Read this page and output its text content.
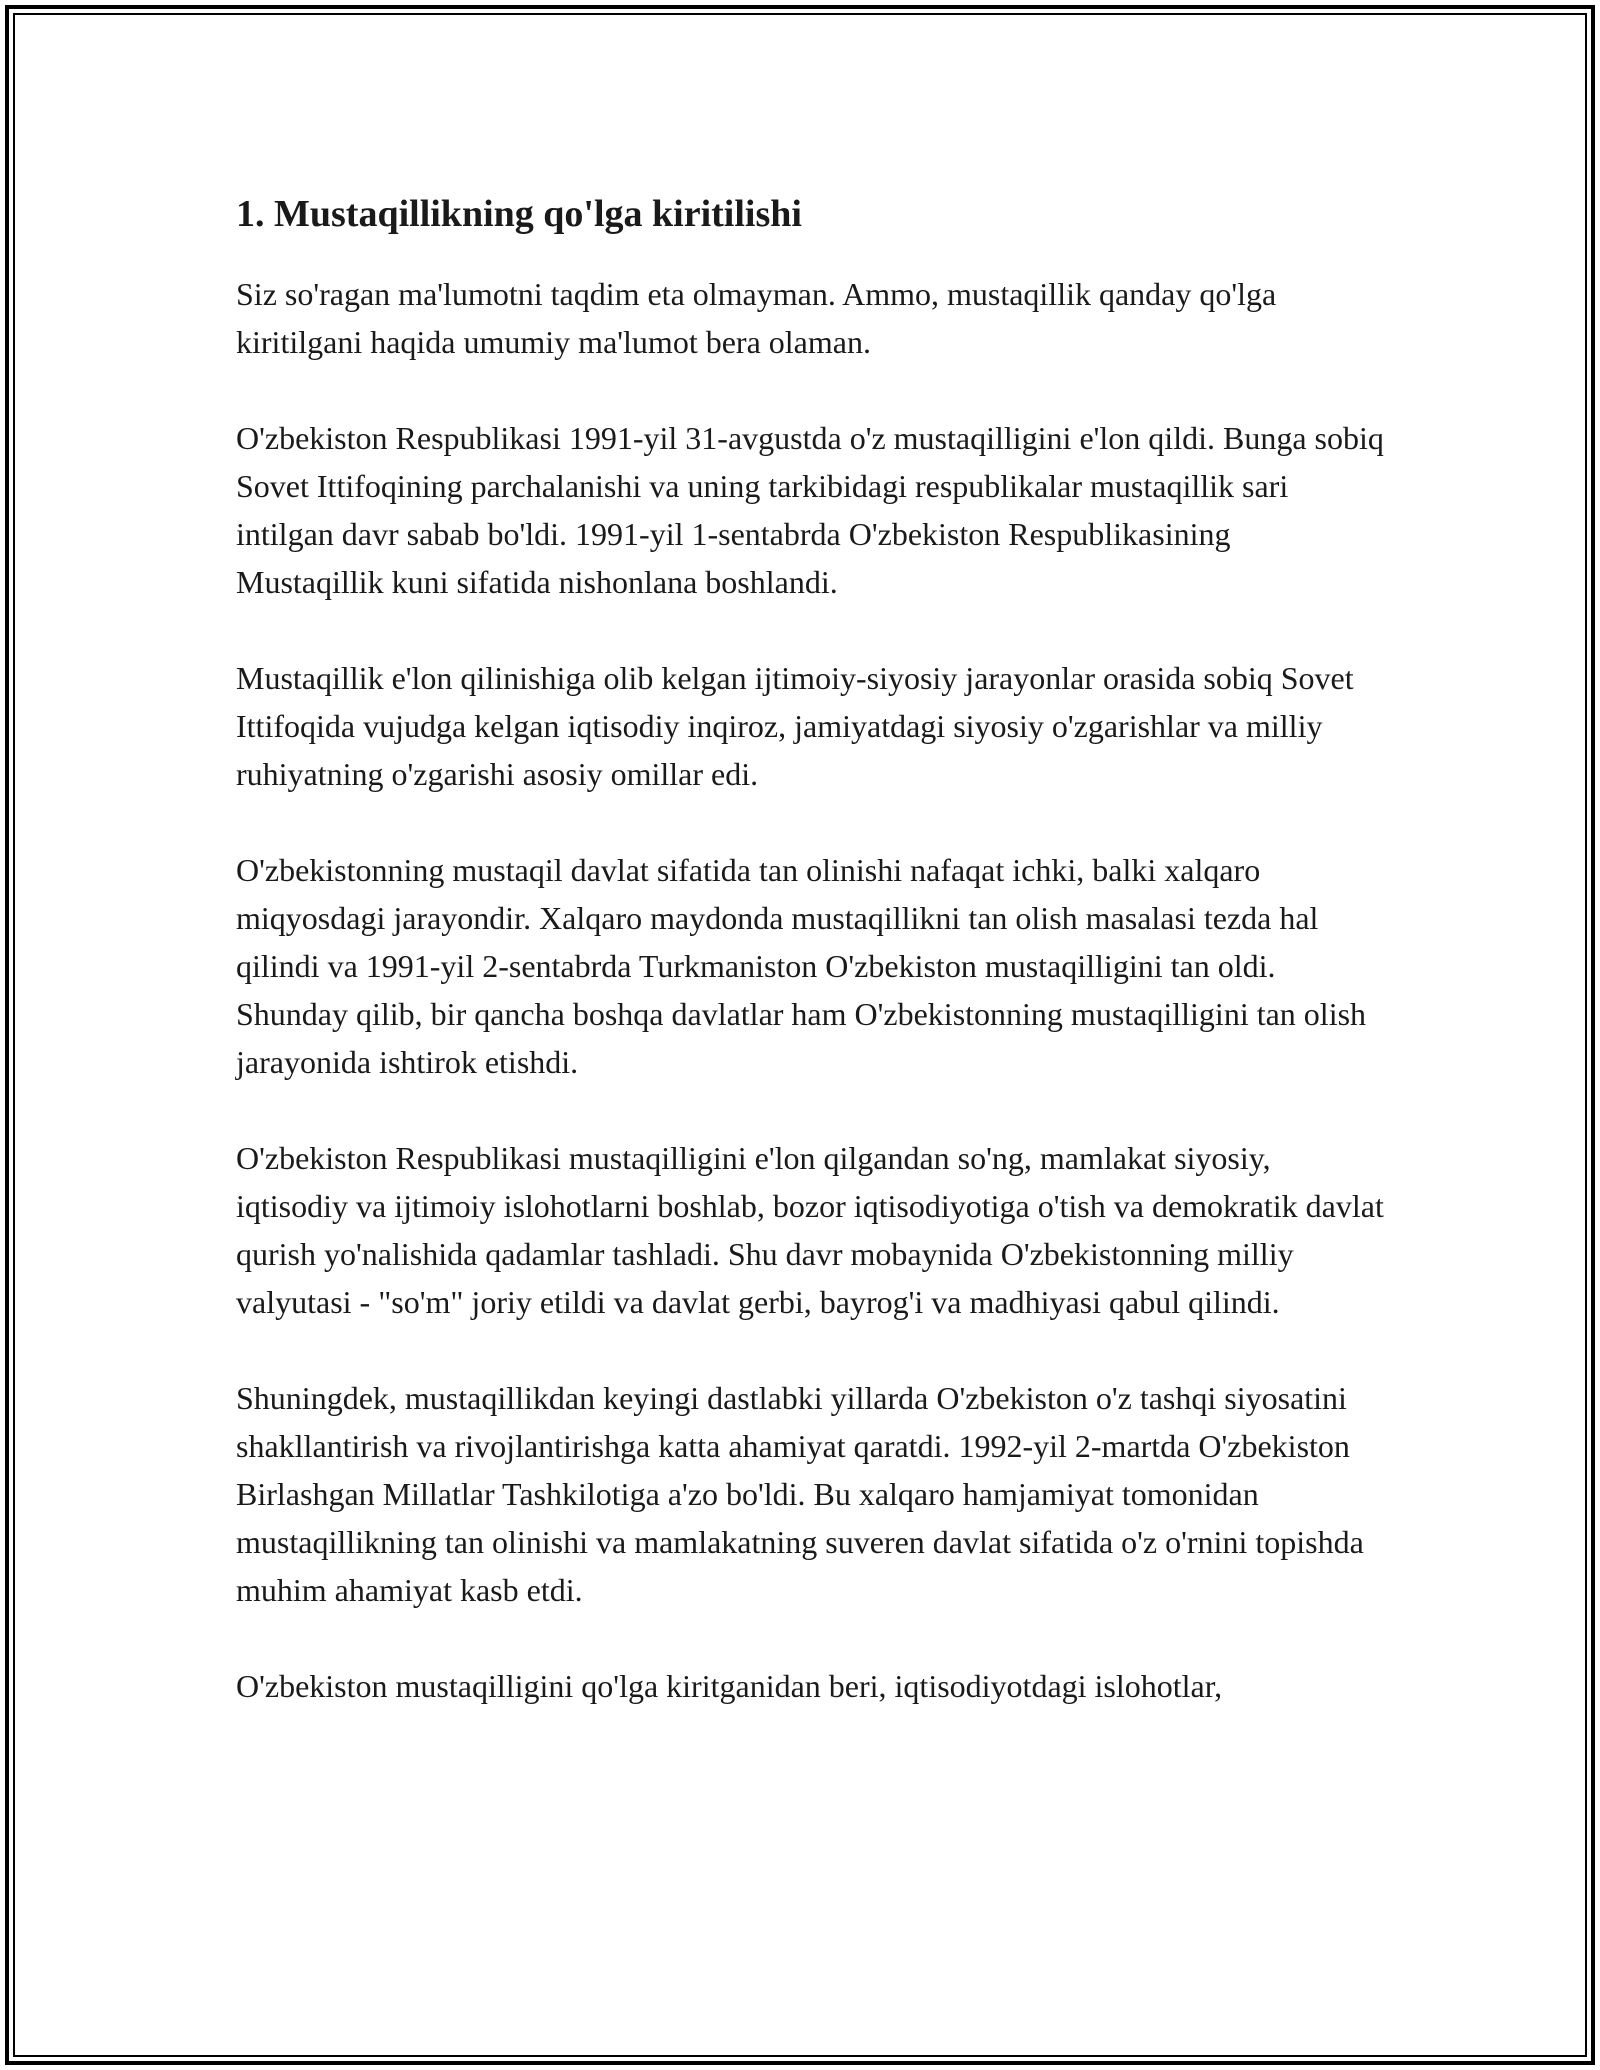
1. Mustaqillikning qo'lga kiritilishi

Siz so'ragan ma'lumotni taqdim eta olmayman. Ammo, mustaqillik qanday qo'lga kiritilgani haqida umumiy ma'lumot bera olaman.

O'zbekiston Respublikasi 1991-yil 31-avgustda o'z mustaqilligini e'lon qildi. Bunga sobiq Sovet Ittifoqining parchalanishi va uning tarkibidagi respublikalar mustaqillik sari intilgan davr sabab bo'ldi. 1991-yil 1-sentabrda O'zbekiston Respublikasining Mustaqillik kuni sifatida nishonlana boshlandi.

Mustaqillik e'lon qilinishiga olib kelgan ijtimoiy-siyosiy jarayonlar orasida sobiq Sovet Ittifoqida vujudga kelgan iqtisodiy inqiroz, jamiyatdagi siyosiy o'zgarishlar va milliy ruhiyatning o'zgarishi asosiy omillar edi.

O'zbekistonning mustaqil davlat sifatida tan olinishi nafaqat ichki, balki xalqaro miqyosdagi jarayondir. Xalqaro maydonda mustaqillikni tan olish masalasi tezda hal qilindi va 1991-yil 2-sentabrda Turkmaniston O'zbekiston mustaqilligini tan oldi. Shunday qilib, bir qancha boshqa davlatlar ham O'zbekistonning mustaqilligini tan olish jarayonida ishtirok etishdi.

O'zbekiston Respublikasi mustaqilligini e'lon qilgandan so'ng, mamlakat siyosiy, iqtisodiy va ijtimoiy islohotlarni boshlab, bozor iqtisodiyotiga o'tish va demokratik davlat qurish yo'nalishida qadamlar tashladi. Shu davr mobaynida O'zbekistonning milliy valyutasi - "so'm" joriy etildi va davlat gerbi, bayrog'i va madhiyasi qabul qilindi.

Shuningdek, mustaqillikdan keyingi dastlabki yillarda O'zbekiston o'z tashqi siyosatini shakllantirish va rivojlantirishga katta ahamiyat qaratdi. 1992-yil 2-martda O'zbekiston Birlashgan Millatlar Tashkilotiga a'zo bo'ldi. Bu xalqaro hamjamiyat tomonidan mustaqillikning tan olinishi va mamlakatning suveren davlat sifatida o'z o'rnini topishda muhim ahamiyat kasb etdi.

O'zbekiston mustaqilligini qo'lga kiritganidan beri, iqtisodiyotdagi islohotlar,
